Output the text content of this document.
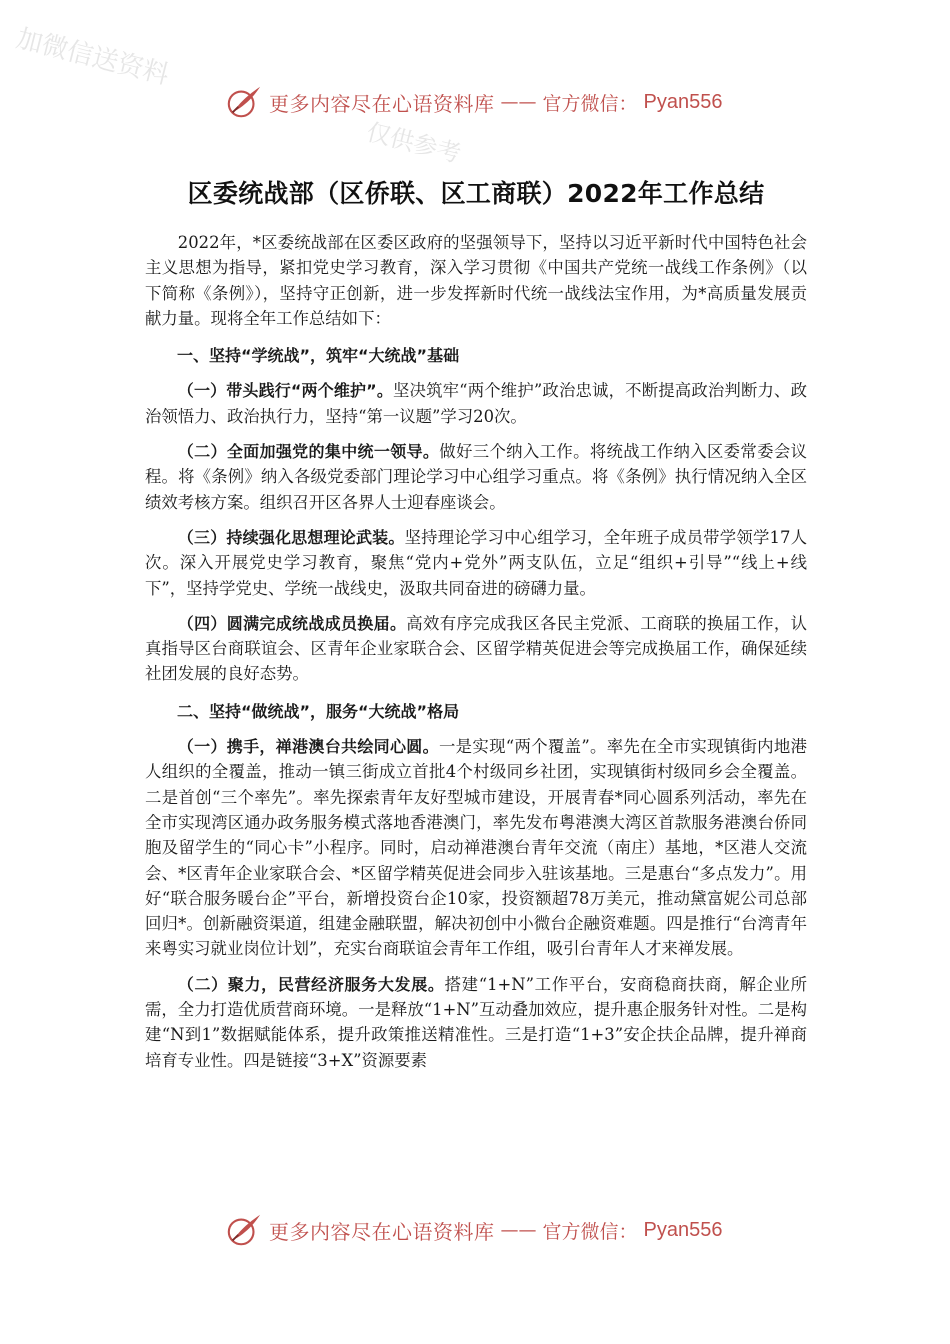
加微信送资料
仅供参考
更多内容尽在心语资料库 —— 官方微信： Pyan556
区委统战部（区侨联、区工商联）2022年工作总结

2022年，*区委统战部在区委区政府的坚强领导下，坚持以习近平新时代中国特色社会主义思想为指导，紧扣党史学习教育，深入学习贯彻《中国共产党统一战线工作条例》（以下简称《条例》），坚持守正创新，进一步发挥新时代统一战线法宝作用，为*高质量发展贡献力量。现将全年工作总结如下：

一、坚持“学统战”，筑牢“大统战”基础

（一）带头践行“两个维护”。坚决筑牢“两个维护”政治忠诚，不断提高政治判断力、政治领悟力、政治执行力，坚持“第一议题”学习20次。

（二）全面加强党的集中统一领导。做好三个纳入工作。将统战工作纳入区委常委会议程。将《条例》纳入各级党委部门理论学习中心组学习重点。将《条例》执行情况纳入全区绩效考核方案。组织召开区各界人士迎春座谈会。

（三）持续强化思想理论武装。坚持理论学习中心组学习，全年班子成员带学领学17人次。深入开展党史学习教育，聚焦“党内+党外”两支队伍，立足“组织+引导”“线上+线下”，坚持学党史、学统一战线史，汲取共同奋进的磅礴力量。

（四）圆满完成统战成员换届。高效有序完成我区各民主党派、工商联的换届工作，认真指导区台商联谊会、区青年企业家联合会、区留学精英促进会等完成换届工作，确保延续社团发展的良好态势。

二、坚持“做统战”，服务“大统战”格局

（一）携手，禅港澳台共绘同心圆。一是实现“两个覆盖”。率先在全市实现镇街内地港人组织的全覆盖，推动一镇三街成立首批4个村级同乡社团，实现镇街村级同乡会全覆盖。二是首创“三个率先”。率先探索青年友好型城市建设，开展青春*同心圆系列活动，率先在全市实现湾区通办政务服务模式落地香港澳门，率先发布粤港澳大湾区首款服务港澳台侨同胞及留学生的“同心卡”小程序。同时，启动禅港澳台青年交流（南庄）基地，*区港人交流会、*区青年企业家联合会、*区留学精英促进会同步入驻该基地。三是惠台“多点发力”。用好“联合服务暖台企”平台，新增投资台企10家，投资额超78万美元，推动黛富妮公司总部回归*。创新融资渠道，组建金融联盟，解决初创中小微台企融资难题。四是推行“台湾青年来粤实习就业岗位计划”，充实台商联谊会青年工作组，吸引台青年人才来禅发展。

（二）聚力，民营经济服务大发展。搭建“1+N”工作平台，安商稳商扶商，解企业所需，全力打造优质营商环境。一是释放“1+N”互动叠加效应，提升惠企服务针对性。二是构建“N到1”数据赋能体系，提升政策推送精准性。三是打造“1+3”安企扶企品牌，提升禅商培育专业性。四是链接“3+X”资源要素

更多内容尽在心语资料库 —— 官方微信： Pyan556
